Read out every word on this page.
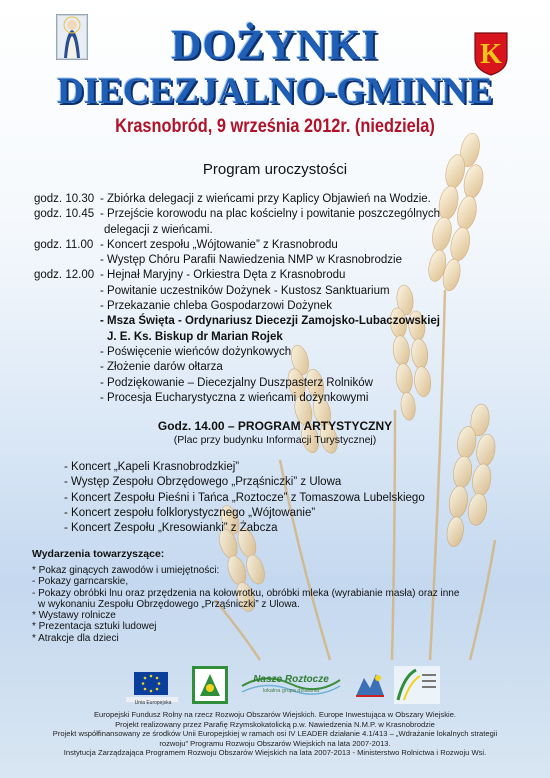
K
DOŻYNKI
DIECEZJALNO-GMINNE
Krasnobród, 9 września 2012r. (niedziela)
Program uroczystości
godz. 10.30 - Zbiórka delegacji z wieńcami przy Kaplicy Objawień na Wodzie.
godz. 10.45 - Przejście korowodu na plac kościelny i powitanie poszczególnych
delegacji z wieńcami.
godz. 11.00 - Koncert zespołu „Wójtowanie” z Krasnobrodu
- Występ Chóru Parafii Nawiedzenia NMP w Krasnobrodzie
godz. 12.00 - Hejnał Maryjny - Orkiestra Dęta z Krasnobrodu
- Powitanie uczestników Dożynek - Kustosz Sanktuarium
- Przekazanie chleba Gospodarzowi Dożynek
- Msza Święta - Ordynariusz Diecezji Zamojsko-Lubaczowskiej
J. E. Ks. Biskup dr Marian Rojek
- Poświęcenie wieńców dożynkowych
- Złożenie darów ołtarza
- Podziękowanie – Diecezjalny Duszpasterz Rolników
- Procesja Eucharystyczna z wieńcami dożynkowymi
Godz. 14.00 – PROGRAM ARTYSTYCZNY
(Plac przy budynku Informacji Turystycznej)
- Koncert „Kapeli Krasnobrodzkiej”
- Występ Zespołu Obrzędowego „Prząśniczki” z Ulowa
- Koncert Zespołu Pieśni i Tańca „Roztocze” z Tomaszowa Lubelskiego
- Koncert zespołu folklorystycznego „Wójtowanie”
- Koncert Zespołu „Kresowianki” z Żabcza
Wydarzenia towarzyszące:
* Pokaz ginących zawodów i umiejętności:
- Pokazy garncarskie,
- Pokazy obróbki lnu oraz przędzenia na kołowrotku, obróbki mleka (wyrabianie masła) oraz inne
w wykonaniu Zespołu Obrzędowego „Prząśniczki” z Ulowa.
* Wystawy rolnicze
* Prezentacja sztuki ludowej
* Atrakcje dla dzieci
Unia Europejska
Nasze Roztocze
lokalna grupa działania
Europejski Fundusz Rolny na rzecz Rozwoju Obszarów Wiejskich. Europe Inwestująca w Obszary Wiejskie.
Projekt realizowany przez Parafię Rzymskokatolicką p.w. Nawiedzenia N.M.P. w Krasnobrodzie
Projekt współfinansowany ze środków Unii Europejskiej w ramach osi IV LEADER działanie 4.1/413 – „Wdrażanie lokalnych strategii
rozwoju” Programu Rozwoju Obszarów Wiejskich na lata 2007-2013.
Instytucja Zarządzająca Programem Rozwoju Obszarów Wiejskich na lata 2007-2013 - Ministerstwo Rolnictwa i Rozwoju Wsi.
